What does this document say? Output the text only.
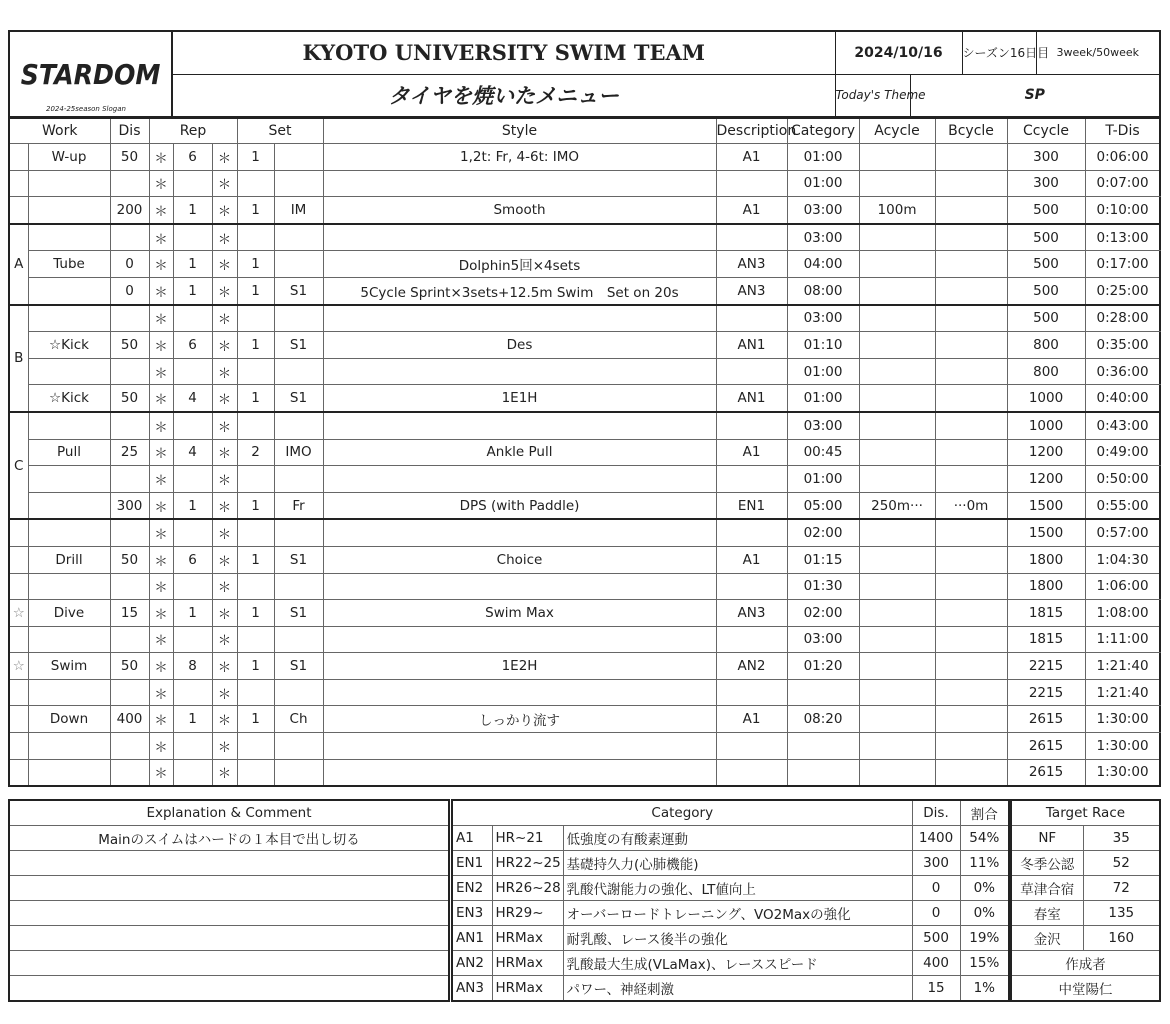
STARDOM
2024-25season Slogan	KYOTO UNIVERSITY SWIM TEAM	2024/10/16		シーズン16日目	3week/50week
	タイヤを焼いたメニュー	Today's Theme	SP		
Work		Dis	Rep			Set		Style	Description	Category	Acycle	Bcycle	Ccycle	T-Dis	
	W-up	50	＊	6	＊	1		1,2t: Fr, 4-6t: IMO	A1	01:00			300	0:06:00	
			＊		＊					01:00			300	0:07:00	
		200	＊	1	＊	1	IM	Smooth	A1	03:00	100m		500	0:10:00	
A			＊		＊					03:00			500	0:13:00	
	Tube	0	＊	1	＊	1		Dolphin5回×4sets	AN3	04:00			500	0:17:00	
		0	＊	1	＊	1	S1	5Cycle Sprint×3sets+12.5m Swim　Set on 20s	AN3	08:00			500	0:25:00	
B			＊		＊					03:00			500	0:28:00	
	☆Kick	50	＊	6	＊	1	S1	Des	AN1	01:10			800	0:35:00	
			＊		＊					01:00			800	0:36:00	
	☆Kick	50	＊	4	＊	1	S1	1E1H	AN1	01:00			1000	0:40:00	
C			＊		＊					03:00			1000	0:43:00	
	Pull	25	＊	4	＊	2	IMO	Ankle Pull	A1	00:45			1200	0:49:00	
			＊		＊					01:00			1200	0:50:00	
		300	＊	1	＊	1	Fr	DPS (with Paddle)	EN1	05:00	250m···	···0m	1500	0:55:00	
			＊		＊					02:00			1500	0:57:00	
	Drill	50	＊	6	＊	1	S1	Choice	A1	01:15			1800	1:04:30	
			＊		＊					01:30			1800	1:06:00	
☆	Dive	15	＊	1	＊	1	S1	Swim Max	AN3	02:00			1815	1:08:00	
			＊		＊					03:00			1815	1:11:00	
☆	Swim	50	＊	8	＊	1	S1	1E2H	AN2	01:20			2215	1:21:40	
			＊		＊								2215	1:21:40	
	Down	400	＊	1	＊	1	Ch	しっかり流す	A1	08:20			2615	1:30:00	
			＊		＊								2615	1:30:00	
			＊		＊								2615	1:30:00	
Explanation & Comment
Mainのスイムはハードの１本目で出し切る

Category			Dis.	割合
A1	HR~21	低強度の有酸素運動	1400	54%
EN1	HR22~25	基礎持久力(心肺機能)	300	11%
EN2	HR26~28	乳酸代謝能力の強化、LT値向上	0	0%
EN3	HR29~	オーバーロードトレーニング、VO2Maxの強化	0	0%
AN1	HRMax	耐乳酸、レース後半の強化	500	19%
AN2	HRMax	乳酸最大生成(VLaMax)、レーススピード	400	15%
AN3	HRMax	パワー、神経刺激	15	1%
Target Race	
NF	35
冬季公認	52
草津合宿	72
春室	135
金沢	160
作成者	
中堂陽仁	
